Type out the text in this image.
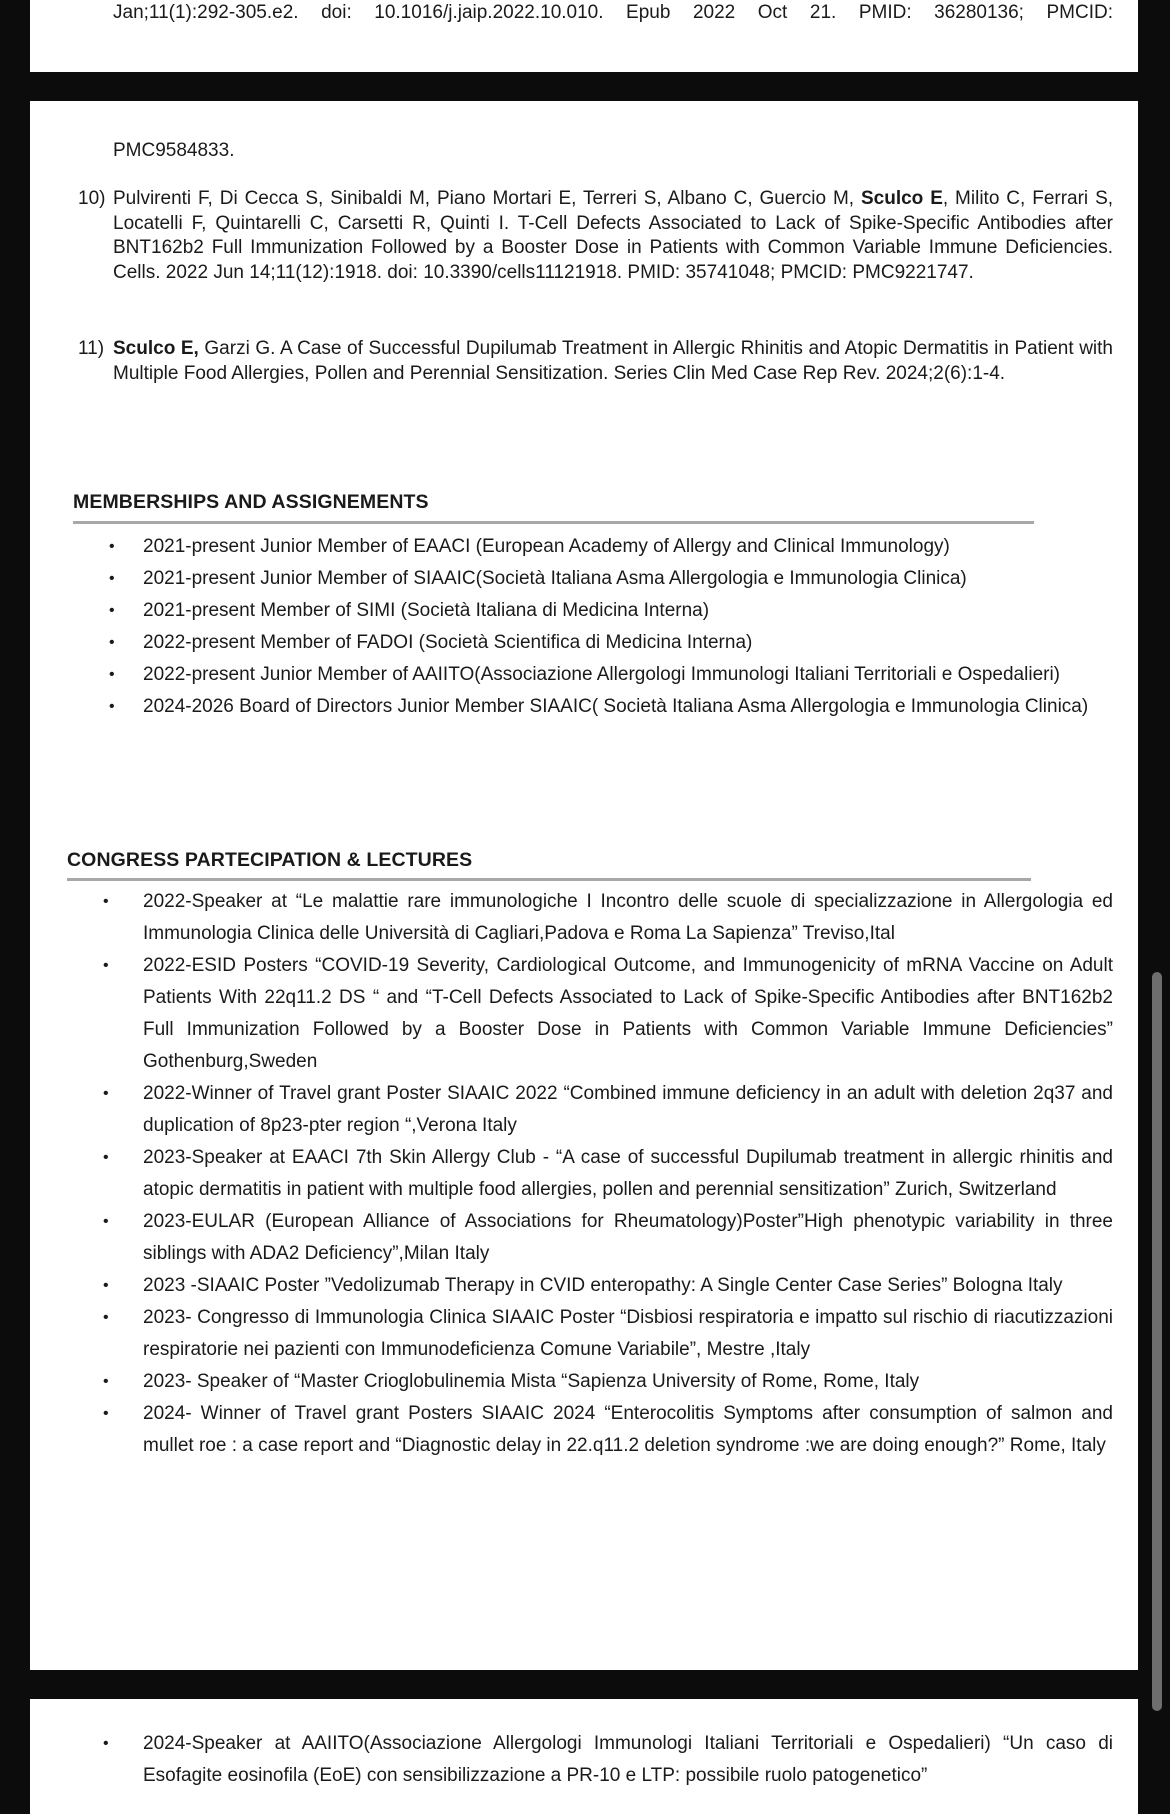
Jan;11(1):292-305.e2. doi: 10.1016/j.jaip.2022.10.010. Epub 2022 Oct 21. PMID: 36280136; PMCID:
PMC9584833.
10) Pulvirenti F, Di Cecca S, Sinibaldi M, Piano Mortari E, Terreri S, Albano C, Guercio M, Sculco E, Milito C, Ferrari S, Locatelli F, Quintarelli C, Carsetti R, Quinti I. T-Cell Defects Associated to Lack of Spike-Specific Antibodies after BNT162b2 Full Immunization Followed by a Booster Dose in Patients with Common Variable Immune Deficiencies. Cells. 2022 Jun 14;11(12):1918. doi: 10.3390/cells11121918. PMID: 35741048; PMCID: PMC9221747.
11) Sculco E, Garzi G. A Case of Successful Dupilumab Treatment in Allergic Rhinitis and Atopic Dermatitis in Patient with Multiple Food Allergies, Pollen and Perennial Sensitization. Series Clin Med Case Rep Rev. 2024;2(6):1-4.
MEMBERSHIPS AND ASSIGNEMENTS
• 2021-present Junior Member of EAACI (European Academy of Allergy and Clinical Immunology)
• 2021-present Junior Member of SIAAIC(Società Italiana Asma Allergologia e Immunologia Clinica)
• 2021-present Member of SIMI (Società Italiana di Medicina Interna)
• 2022-present Member of FADOI (Società Scientifica di Medicina Interna)
• 2022-present Junior Member of AAIITO(Associazione Allergologi Immunologi Italiani Territoriali e Ospedalieri)
• 2024-2026 Board of Directors Junior Member SIAAIC( Società Italiana Asma Allergologia e Immunologia Clinica)
CONGRESS PARTECIPATION & LECTURES
• 2022-Speaker at “Le malattie rare immunologiche I Incontro delle scuole di specializzazione in Allergologia ed Immunologia Clinica delle Università di Cagliari,Padova e Roma La Sapienza” Treviso,Ital
• 2022-ESID Posters “COVID-19 Severity, Cardiological Outcome, and Immunogenicity of mRNA Vaccine on Adult Patients With 22q11.2 DS “ and “T-Cell Defects Associated to Lack of Spike-Specific Antibodies after BNT162b2 Full Immunization Followed by a Booster Dose in Patients with Common Variable Immune Deficiencies” Gothenburg,Sweden
• 2022-Winner of Travel grant Poster SIAAIC 2022 “Combined immune deficiency in an adult with deletion 2q37 and duplication of 8p23-pter region “,Verona Italy
• 2023-Speaker at EAACI 7th Skin Allergy Club - “A case of successful Dupilumab treatment in allergic rhinitis and atopic dermatitis in patient with multiple food allergies, pollen and perennial sensitization” Zurich, Switzerland
• 2023-EULAR (European Alliance of Associations for Rheumatology)Poster”High phenotypic variability in three siblings with ADA2 Deficiency”,Milan Italy
• 2023 -SIAAIC Poster ”Vedolizumab Therapy in CVID enteropathy: A Single Center Case Series” Bologna Italy
• 2023- Congresso di Immunologia Clinica SIAAIC Poster “Disbiosi respiratoria e impatto sul rischio di riacutizzazioni respiratorie nei pazienti con Immunodeficienza Comune Variabile”, Mestre ,Italy
• 2023- Speaker of “Master Crioglobulinemia Mista “Sapienza University of Rome, Rome, Italy
• 2024- Winner of Travel grant Posters SIAAIC 2024 “Enterocolitis Symptoms after consumption of salmon and mullet roe : a case report and “Diagnostic delay in 22.q11.2 deletion syndrome :we are doing enough?” Rome, Italy
• 2024-Speaker at AAIITO(Associazione Allergologi Immunologi Italiani Territoriali e Ospedalieri) “Un caso di Esofagite eosinofila (EoE) con sensibilizzazione a PR-10 e LTP: possibile ruolo patogenetico”
